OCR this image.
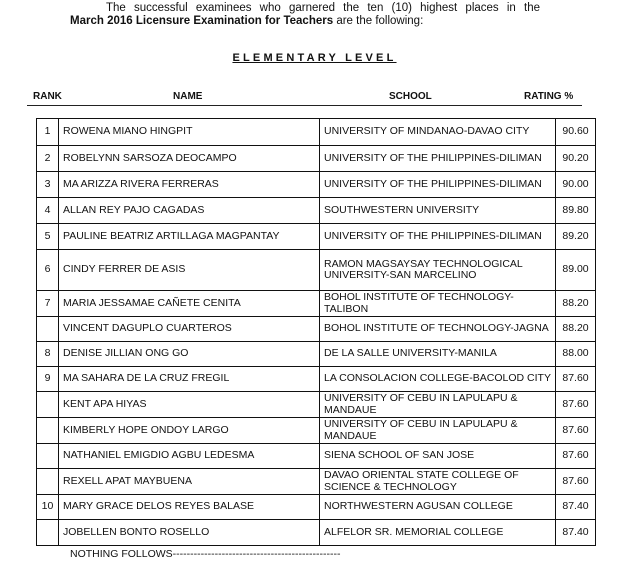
The successful examinees who garnered the ten (10) highest places in the
March 2016 Licensure Examination for Teachers are the following:
ELEMENTARY LEVEL
RANK	NAME	SCHOOL	RATING %
1	ROWENA MIANO HINGPIT	UNIVERSITY OF MINDANAO-DAVAO CITY	90.60
2	ROBELYNN SARSOZA DEOCAMPO	UNIVERSITY OF THE PHILIPPINES-DILIMAN	90.20
3	MA ARIZZA RIVERA FERRERAS	UNIVERSITY OF THE PHILIPPINES-DILIMAN	90.00
4	ALLAN REY PAJO CAGADAS	SOUTHWESTERN UNIVERSITY	89.80
5	PAULINE BEATRIZ ARTILLAGA MAGPANTAY	UNIVERSITY OF THE PHILIPPINES-DILIMAN	89.20
6	CINDY FERRER DE ASIS	RAMON MAGSAYSAY TECHNOLOGICAL UNIVERSITY-SAN MARCELINO	89.00
7	MARIA JESSAMAE CAÑETE CENITA	BOHOL INSTITUTE OF TECHNOLOGY-TALIBON	88.20
	VINCENT DAGUPLO CUARTEROS	BOHOL INSTITUTE OF TECHNOLOGY-JAGNA	88.20
8	DENISE JILLIAN ONG GO	DE LA SALLE UNIVERSITY-MANILA	88.00
9	MA SAHARA DE LA CRUZ FREGIL	LA CONSOLACION COLLEGE-BACOLOD CITY	87.60
	KENT APA HIYAS	UNIVERSITY OF CEBU IN LAPULAPU & MANDAUE	87.60
	KIMBERLY HOPE ONDOY LARGO	UNIVERSITY OF CEBU IN LAPULAPU & MANDAUE	87.60
	NATHANIEL EMIGDIO AGBU LEDESMA	SIENA SCHOOL OF SAN JOSE	87.60
	REXELL APAT MAYBUENA	DAVAO ORIENTAL STATE COLLEGE OF SCIENCE & TECHNOLOGY	87.60
10	MARY GRACE DELOS REYES BALASE	NORTHWESTERN AGUSAN COLLEGE	87.40
	JOBELLEN BONTO ROSELLO	ALFELOR SR. MEMORIAL COLLEGE	87.40
NOTHING FOLLOWS------------------------------------------------
